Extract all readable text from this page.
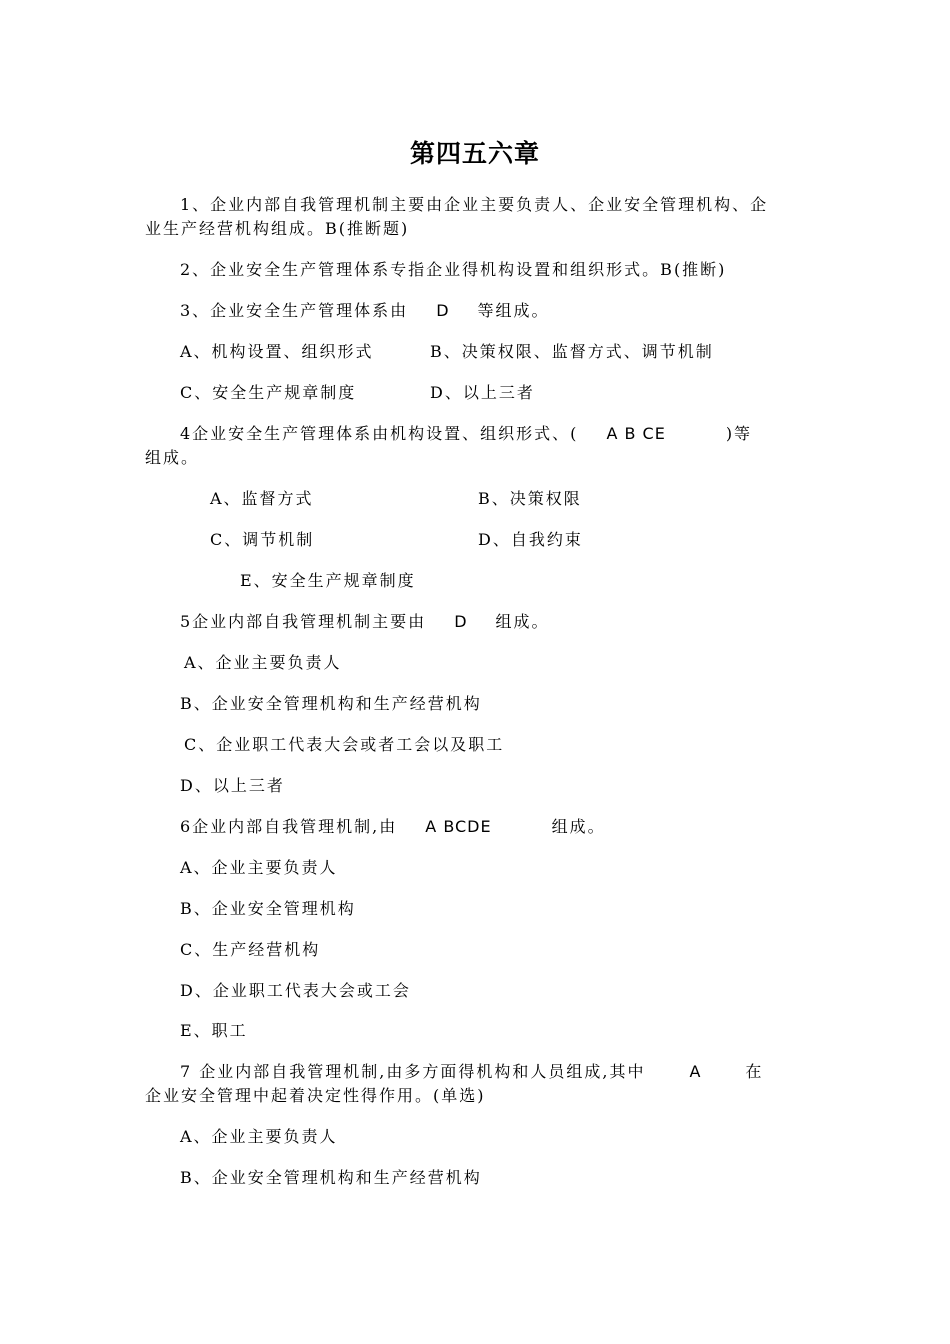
第四五六章
1、企业内部自我管理机制主要由企业主要负责人、企业安全管理机构、企
业生产经营机构组成。B(推断题)
2、企业安全生产管理体系专指企业得机构设置和组织形式。B(推断)
3、企业安全生产管理体系由 D 等组成。
A、机构设置、组织形式	B、决策权限、监督方式、调节机制
C、安全生产规章制度	D、以上三者
4企业安全生产管理体系由机构设置、组织形式、( A B CE	)等
组成。
A、监督方式	B、决策权限
C、调节机制	D、自我约束
E、安全生产规章制度
5企业内部自我管理机制主要由 D 组成。
A、企业主要负责人
B、企业安全管理机构和生产经营机构
C、企业职工代表大会或者工会以及职工
D、以上三者
6企业内部自我管理机制,由 A BCDE	组成。
A、企业主要负责人
B、企业安全管理机构
C、生产经营机构
D、企业职工代表大会或工会
E、职工
7 企业内部自我管理机制,由多方面得机构和人员组成,其中	A	在
企业安全管理中起着决定性得作用。(单选)
A、企业主要负责人
B、企业安全管理机构和生产经营机构
